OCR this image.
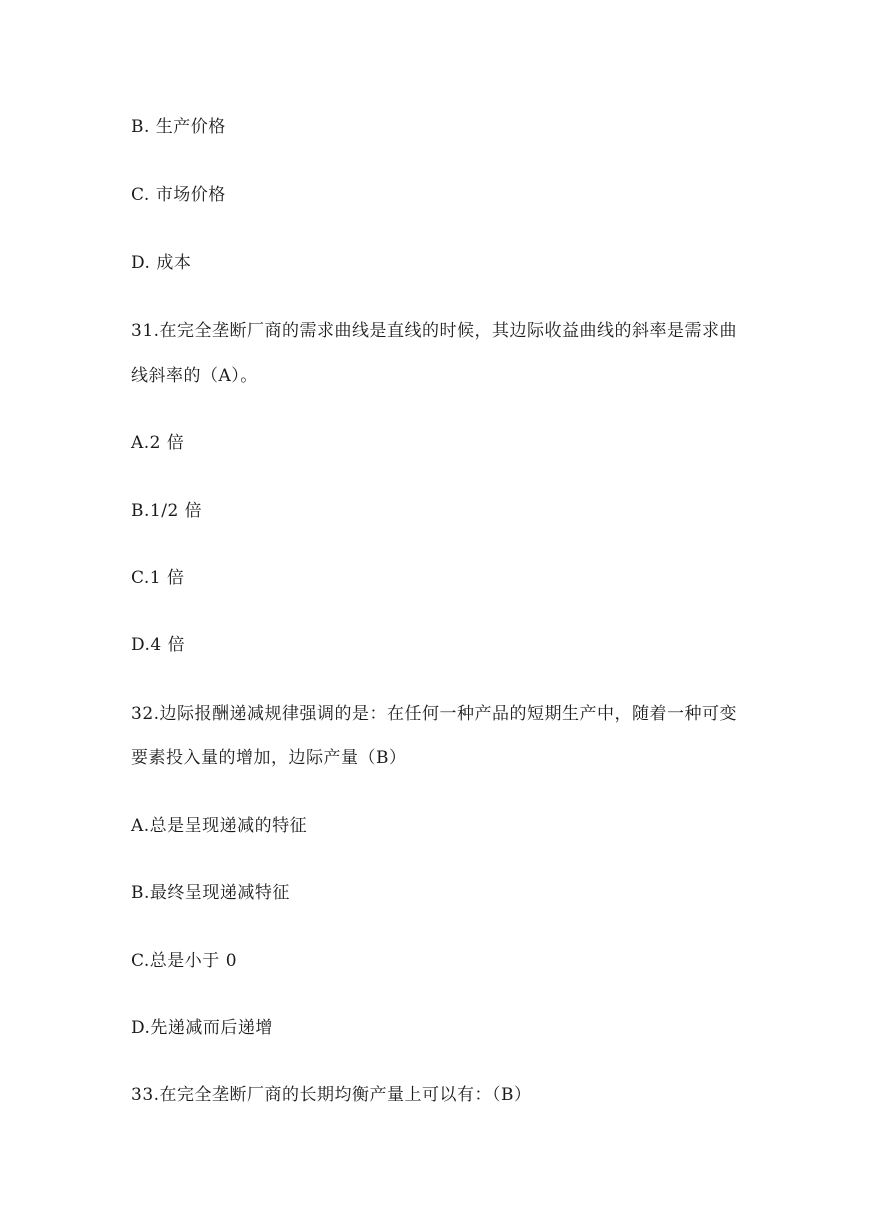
B. 生产价格

C. 市场价格

D. 成本

31.在完全垄断厂商的需求曲线是直线的时候，其边际收益曲线的斜率是需求曲

线斜率的（A）。

A.2 倍

B.1/2 倍

C.1 倍

D.4 倍

32.边际报酬递减规律强调的是：在任何一种产品的短期生产中，随着一种可变

要素投入量的增加，边际产量（B）

A.总是呈现递减的特征

B.最终呈现递减特征

C.总是小于 0

D.先递减而后递增

33.在完全垄断厂商的长期均衡产量上可以有：（B）
